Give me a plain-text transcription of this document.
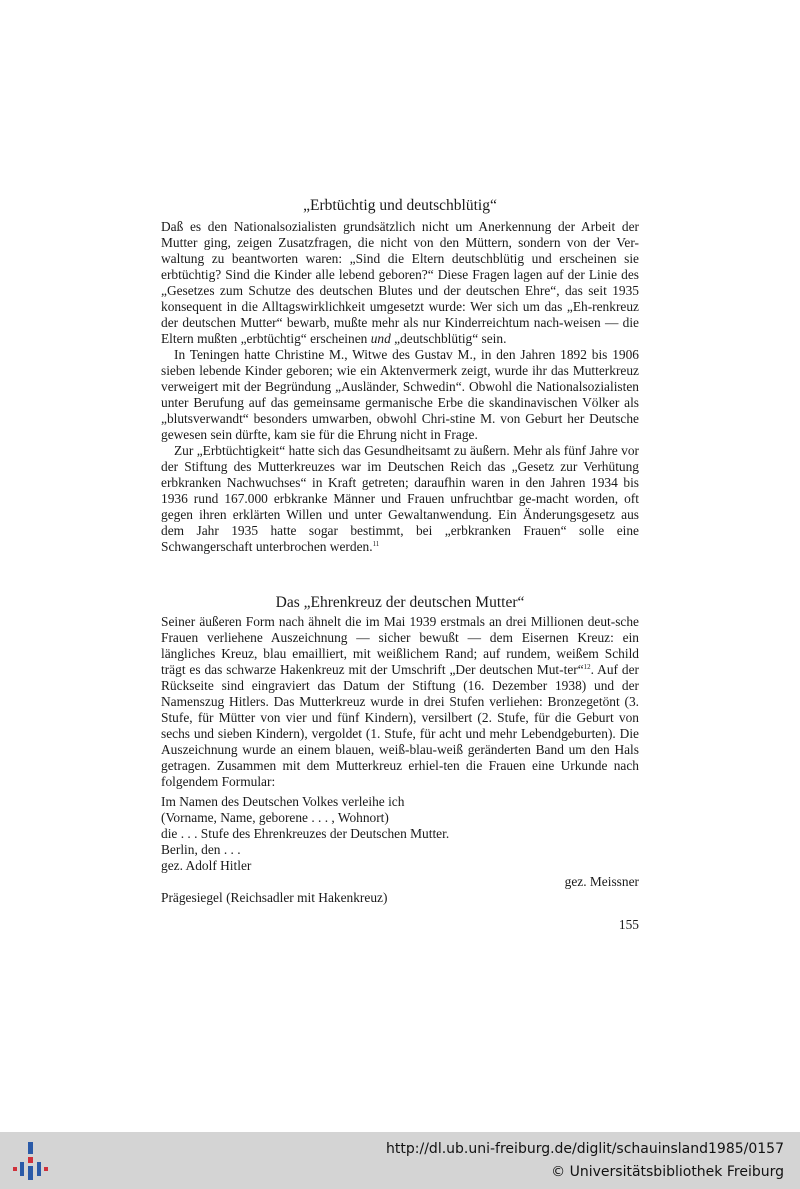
„Erbtüchtig und deutschblütig“

Daß es den Nationalsozialisten grundsätzlich nicht um Anerkennung der Arbeit der Mutter ging, zeigen Zusatzfragen, die nicht von den Müttern, sondern von der Ver-waltung zu beantworten waren: „Sind die Eltern deutschblütig und erscheinen sie erbtüchtig? Sind die Kinder alle lebend geboren?“ Diese Fragen lagen auf der Linie des „Gesetzes zum Schutze des deutschen Blutes und der deutschen Ehre“, das seit 1935 konsequent in die Alltagswirklichkeit umgesetzt wurde: Wer sich um das „Eh-renkreuz der deutschen Mutter“ bewarb, mußte mehr als nur Kinderreichtum nach-weisen — die Eltern mußten „erbtüchtig“ erscheinen und „deutschblütig“ sein.

In Teningen hatte Christine M., Witwe des Gustav M., in den Jahren 1892 bis 1906 sieben lebende Kinder geboren; wie ein Aktenvermerk zeigt, wurde ihr das Mutterkreuz verweigert mit der Begründung „Ausländer, Schwedin“. Obwohl die Nationalsozialisten unter Berufung auf das gemeinsame germanische Erbe die skandinavischen Völker als „blutsverwandt“ besonders umwarben, obwohl Chri-stine M. von Geburt her Deutsche gewesen sein dürfte, kam sie für die Ehrung nicht in Frage.

Zur „Erbtüchtigkeit“ hatte sich das Gesundheitsamt zu äußern. Mehr als fünf Jahre vor der Stiftung des Mutterkreuzes war im Deutschen Reich das „Gesetz zur Verhütung erbkranken Nachwuchses“ in Kraft getreten; daraufhin waren in den Jahren 1934 bis 1936 rund 167.000 erbkranke Männer und Frauen unfruchtbar ge-macht worden, oft gegen ihren erklärten Willen und unter Gewaltanwendung. Ein Änderungsgesetz aus dem Jahr 1935 hatte sogar bestimmt, bei „erbkranken Frauen“ solle eine Schwangerschaft unterbrochen werden.$^{11}$

Das „Ehrenkreuz der deutschen Mutter“

Seiner äußeren Form nach ähnelt die im Mai 1939 erstmals an drei Millionen deut-sche Frauen verliehene Auszeichnung — sicher bewußt — dem Eisernen Kreuz: ein längliches Kreuz, blau emailliert, mit weißlichem Rand; auf rundem, weißem Schild trägt es das schwarze Hakenkreuz mit der Umschrift „Der deutschen Mut-ter“$^{12}$. Auf der Rückseite sind eingraviert das Datum der Stiftung (16. Dezember 1938) und der Namenszug Hitlers. Das Mutterkreuz wurde in drei Stufen verliehen: Bronzegetönt (3. Stufe, für Mütter von vier und fünf Kindern), versilbert (2. Stufe, für die Geburt von sechs und sieben Kindern), vergoldet (1. Stufe, für acht und mehr Lebendgeburten). Die Auszeichnung wurde an einem blauen, weiß-blau-weiß geränderten Band um den Hals getragen. Zusammen mit dem Mutterkreuz erhiel-ten die Frauen eine Urkunde nach folgendem Formular:

Im Namen des Deutschen Volkes verleihe ich

(Vorname, Name, geborene . . . , Wohnort)

die . . . Stufe des Ehrenkreuzes der Deutschen Mutter.

Berlin, den . . .

gez. Adolf Hitler

gez. Meissner

Prägesiegel (Reichsadler mit Hakenkreuz)

155
http://dl.ub.uni-freiburg.de/diglit/schauinsland1985/0157
© Universitätsbibliothek Freiburg
